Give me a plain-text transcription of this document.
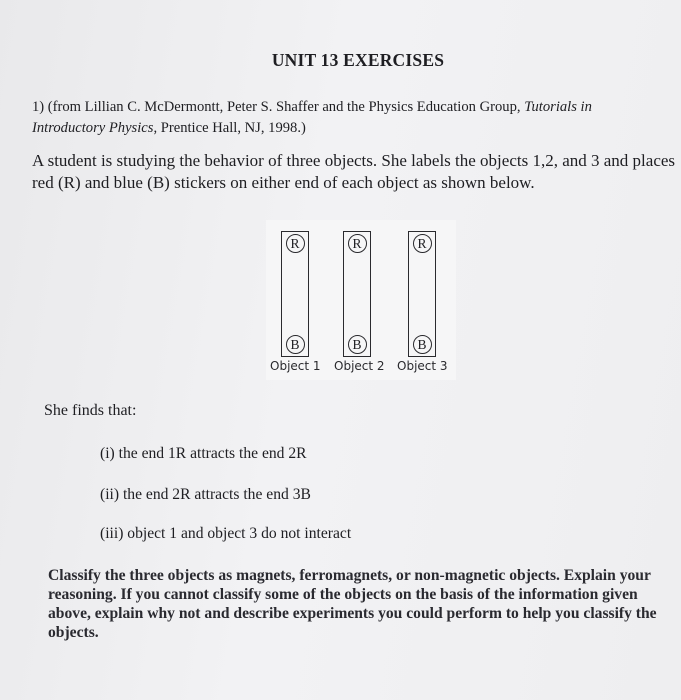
UNIT 13 EXERCISES
1) (from Lillian C. McDermontt, Peter S. Shaffer and the Physics Education Group, Tutorials in
Introductory Physics, Prentice Hall, NJ, 1998.)
A student is studying the behavior of three objects. She labels the objects 1,2, and 3 and places red (R) and blue (B) stickers on either end of each object as shown below.
R
B
R
B
R
B
Object 1 Object 2 Object 3
She finds that:
(i) the end 1R attracts the end 2R
(ii) the end 2R attracts the end 3B
(iii) object 1 and object 3 do not interact
Classify the three objects as magnets, ferromagnets, or non-magnetic objects. Explain your reasoning. If you cannot classify some of the objects on the basis of the information given above, explain why not and describe experiments you could perform to help you classify the objects.
